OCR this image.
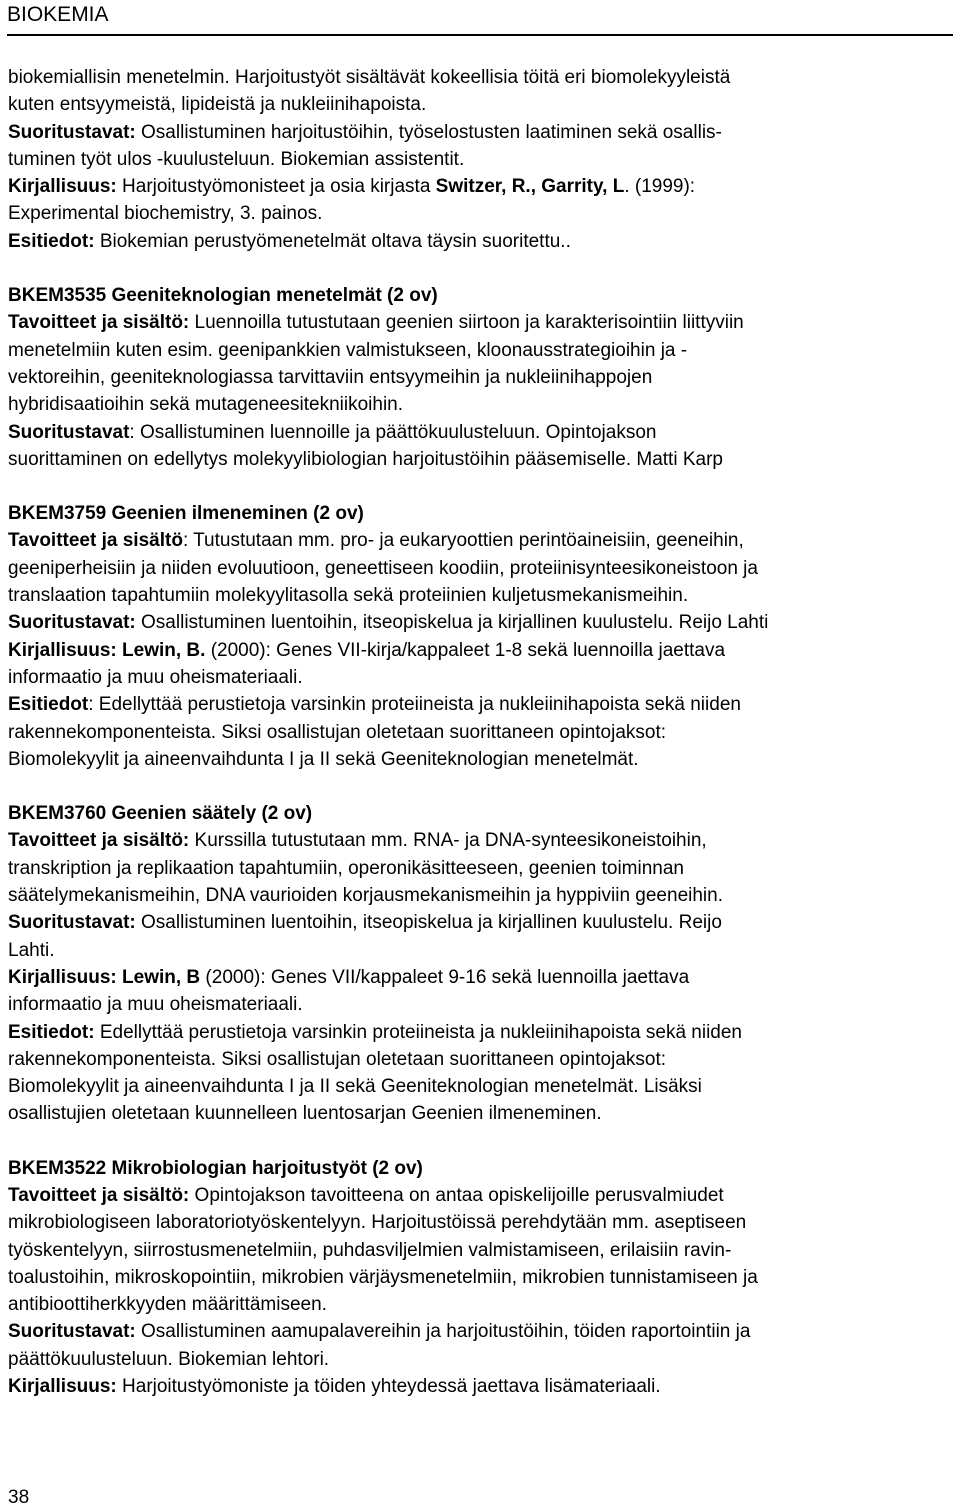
BIOKEMIA

biokemiallisin menetelmin. Harjoitustyöt sisältävät kokeellisia töitä eri biomolekyyleistä

kuten entsyymeistä, lipideistä ja nukleiinihapoista.

Suoritustavat: Osallistuminen harjoitustöihin, työselostusten laatiminen sekä osallis-

tuminen työt ulos -kuulusteluun. Biokemian assistentit.

Kirjallisuus: Harjoitustyömonisteet ja osia kirjasta Switzer, R., Garrity, L. (1999):

Experimental biochemistry, 3. painos.

Esitiedot: Biokemian perustyömenetelmät oltava täysin suoritettu..

BKEM3535 Geeniteknologian menetelmät (2 ov)

Tavoitteet ja sisältö: Luennoilla tutustutaan geenien siirtoon ja karakterisointiin liittyviin

menetelmiin kuten esim. geenipankkien valmistukseen, kloonausstrategioihin ja -

vektoreihin, geeniteknologiassa tarvittaviin entsyymeihin ja nukleiinihappojen

hybridisaatioihin sekä mutageneesitekniikoihin.

Suoritustavat: Osallistuminen luennoille ja päättökuulusteluun. Opintojakson

suorittaminen on edellytys molekyylibiologian harjoitustöihin pääsemiselle. Matti Karp

BKEM3759 Geenien ilmeneminen (2 ov)

Tavoitteet ja sisältö: Tutustutaan mm. pro- ja eukaryoottien perintöaineisiin, geeneihin,

geeniperheisiin ja niiden evoluutioon, geneettiseen koodiin, proteiinisynteesikoneistoon ja

translaation tapahtumiin molekyylitasolla sekä proteiinien kuljetusmekanismeihin.

Suoritustavat: Osallistuminen luentoihin, itseopiskelua ja kirjallinen kuulustelu. Reijo Lahti

Kirjallisuus: Lewin, B. (2000): Genes VII-kirja/kappaleet 1-8 sekä luennoilla jaettava

informaatio ja muu oheismateriaali.

Esitiedot: Edellyttää perustietoja varsinkin proteiineista ja nukleiinihapoista sekä niiden

rakennekomponenteista. Siksi osallistujan oletetaan suorittaneen opintojaksot:

Biomolekyylit ja aineenvaihdunta I ja II sekä Geeniteknologian menetelmät.

BKEM3760 Geenien säätely (2 ov)

Tavoitteet ja sisältö: Kurssilla tutustutaan mm. RNA- ja DNA-synteesikoneistoihin,

transkription ja replikaation tapahtumiin, operonikäsitteeseen, geenien toiminnan

säätelymekanismeihin, DNA vaurioiden korjausmekanismeihin ja hyppiviin geeneihin.

Suoritustavat: Osallistuminen luentoihin, itseopiskelua ja kirjallinen kuulustelu. Reijo

Lahti.

Kirjallisuus: Lewin, B (2000): Genes VII/kappaleet 9-16 sekä luennoilla jaettava

informaatio ja muu oheismateriaali.

Esitiedot: Edellyttää perustietoja varsinkin proteiineista ja nukleiinihapoista sekä niiden

rakennekomponenteista. Siksi osallistujan oletetaan suorittaneen opintojaksot:

Biomolekyylit ja aineenvaihdunta I ja II sekä Geeniteknologian menetelmät. Lisäksi

osallistujien oletetaan kuunnelleen luentosarjan Geenien ilmeneminen.

BKEM3522 Mikrobiologian harjoitustyöt (2 ov)

Tavoitteet ja sisältö: Opintojakson tavoitteena on antaa opiskelijoille perusvalmiudet

mikrobiologiseen laboratoriotyöskentelyyn. Harjoitustöissä perehdytään mm. aseptiseen

työskentelyyn, siirrostusmenetelmiin, puhdasviljelmien valmistamiseen, erilaisiin ravin-

toalustoihin, mikroskopointiin, mikrobien värjäysmenetelmiin, mikrobien tunnistamiseen ja

antibioottiherkkyyden määrittämiseen.

Suoritustavat: Osallistuminen aamupalavereihin ja harjoitustöihin, töiden raportointiin ja

päättökuulusteluun. Biokemian lehtori.

Kirjallisuus: Harjoitustyömoniste ja töiden yhteydessä jaettava lisämateriaali.

38
